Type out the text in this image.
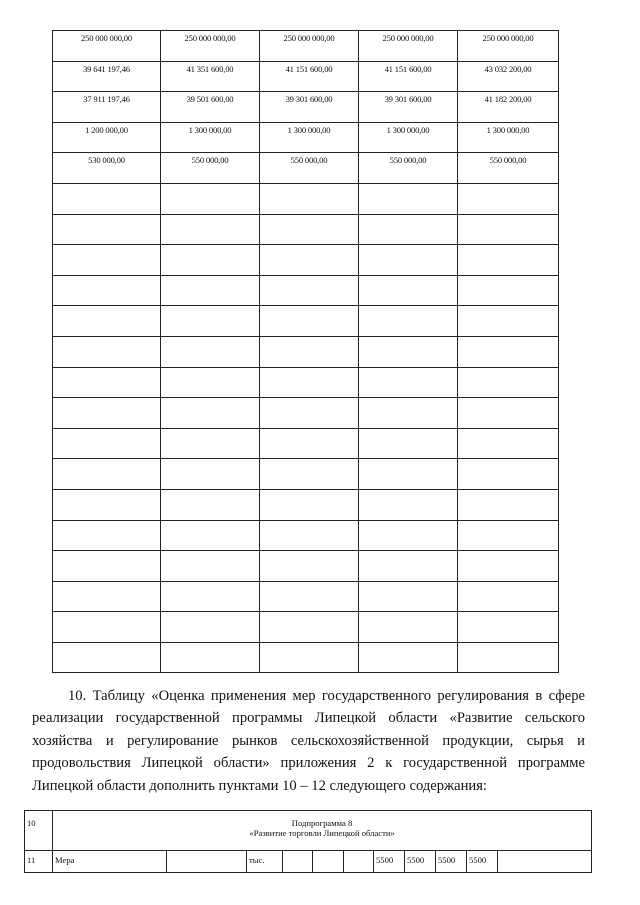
250 000 000,00	250 000 000,00	250 000 000,00	250 000 000,00	250 000 000,00
39 641 197,46	41 351 600,00	41 151 600,00	41 151 600,00	43 032 200,00
37 911 197,46	39 501 600,00	39 301 600,00	39 301 600,00	41 182 200,00
1 200 000,00	1 300 000,00	1 300 000,00	1 300 000,00	1 300 000,00
530 000,00	550 000,00	550 000,00	550 000,00	550 000,00

10. Таблицу «Оценка применения мер государственного регулирования в сфере реализации государственной программы Липецкой области «Развитие сельского хозяйства и регулирование рынков сельскохозяйственной продукции, сырья и продовольствия Липецкой области» приложения 2 к государственной программе Липецкой области дополнить пунктами 10 – 12 следующего содержания:

10	Подпрограмма 8
«Развитие торговли Липецкой области»										

11	Мера		тыс.				5500	5500	5500	5500	
